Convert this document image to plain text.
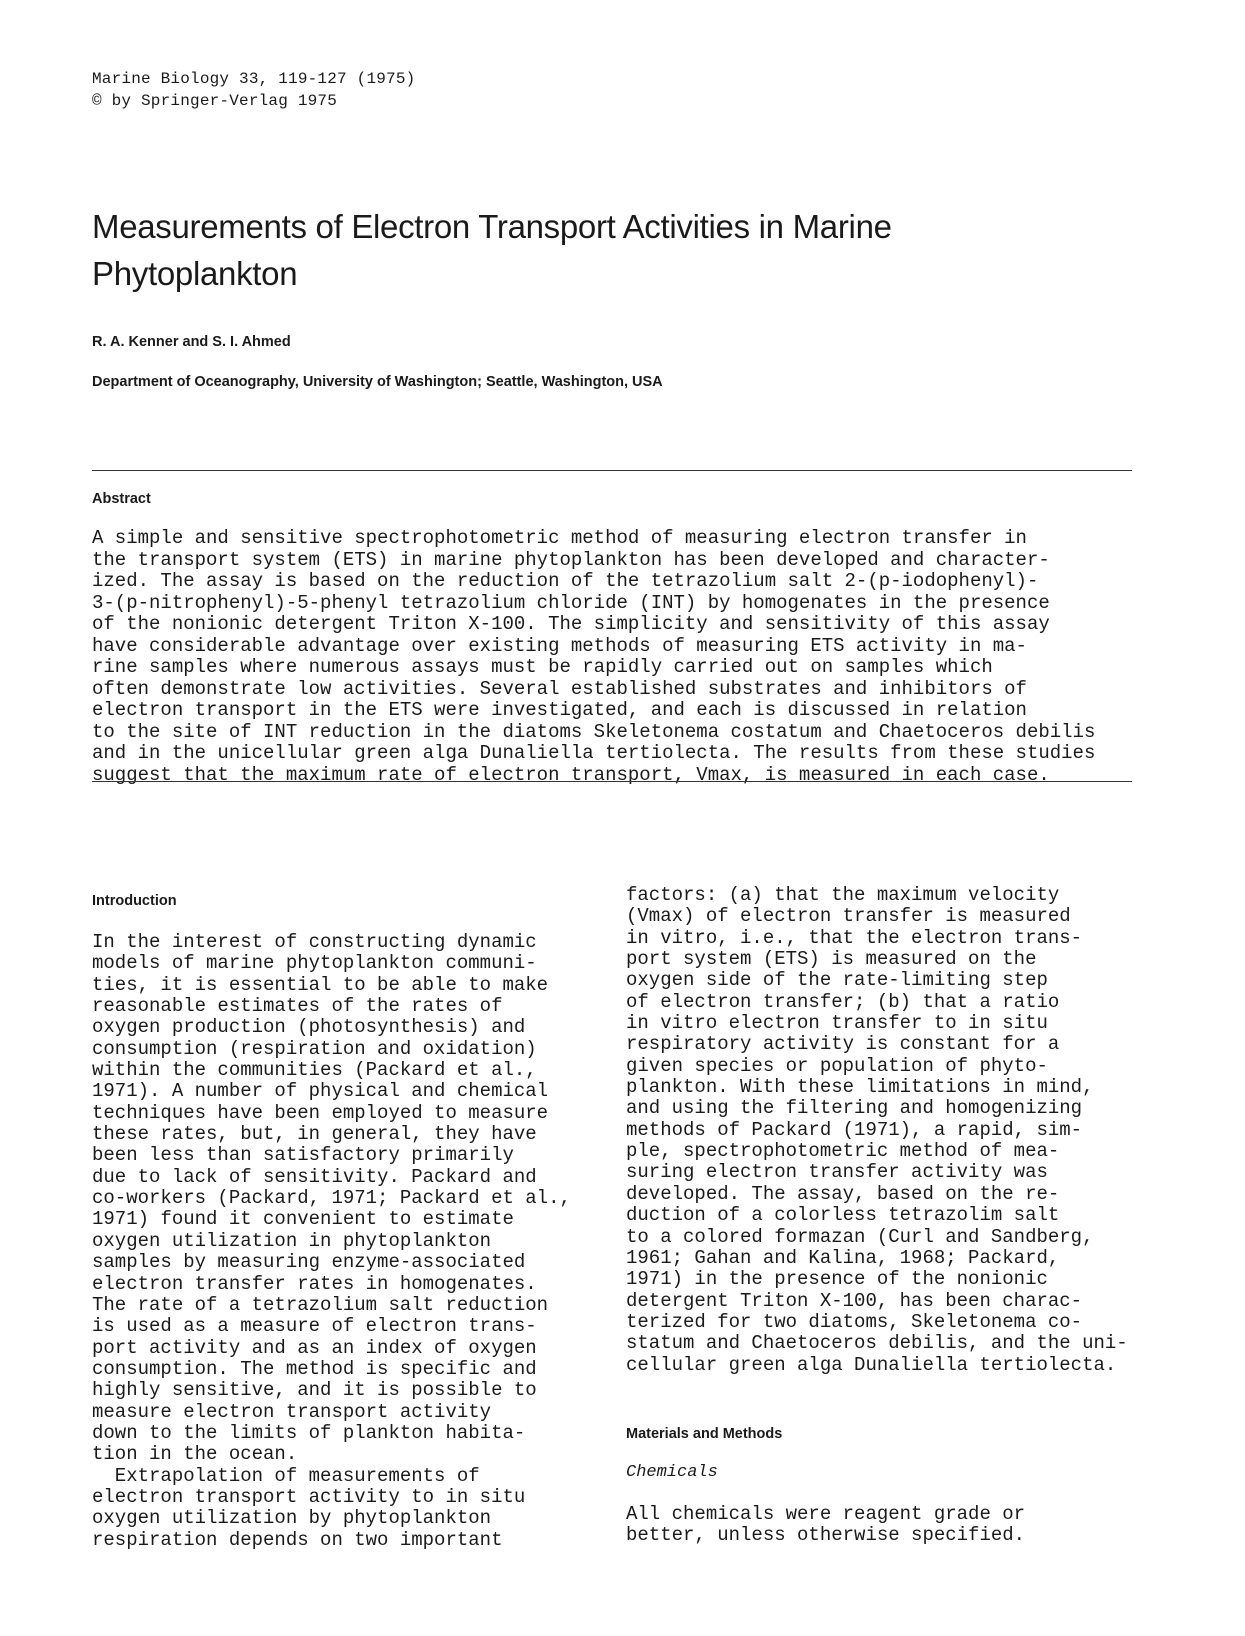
Marine Biology 33, 119-127 (1975)
© by Springer-Verlag 1975
Measurements of Electron Transport Activities in Marine Phytoplankton
R. A. Kenner and S. I. Ahmed
Department of Oceanography, University of Washington; Seattle, Washington, USA
Abstract
A simple and sensitive spectrophotometric method of measuring electron transfer in
the transport system (ETS) in marine phytoplankton has been developed and character-
ized. The assay is based on the reduction of the tetrazolium salt 2-(p-iodophenyl)-
3-(p-nitrophenyl)-5-phenyl tetrazolium chloride (INT) by homogenates in the presence
of the nonionic detergent Triton X-100. The simplicity and sensitivity of this assay
have considerable advantage over existing methods of measuring ETS activity in ma-
rine samples where numerous assays must be rapidly carried out on samples which
often demonstrate low activities. Several established substrates and inhibitors of
electron transport in the ETS were investigated, and each is discussed in relation
to the site of INT reduction in the diatoms Skeletonema costatum and Chaetoceros debilis
and in the unicellular green alga Dunaliella tertiolecta. The results from these studies
suggest that the maximum rate of electron transport, Vmax, is measured in each case.
Introduction
In the interest of constructing dynamic
models of marine phytoplankton communi-
ties, it is essential to be able to make
reasonable estimates of the rates of
oxygen production (photosynthesis) and
consumption (respiration and oxidation)
within the communities (Packard et al.,
1971). A number of physical and chemical
techniques have been employed to measure
these rates, but, in general, they have
been less than satisfactory primarily
due to lack of sensitivity. Packard and
co-workers (Packard, 1971; Packard et al.,
1971) found it convenient to estimate
oxygen utilization in phytoplankton
samples by measuring enzyme-associated
electron transfer rates in homogenates.
The rate of a tetrazolium salt reduction
is used as a measure of electron trans-
port activity and as an index of oxygen
consumption. The method is specific and
highly sensitive, and it is possible to
measure electron transport activity
down to the limits of plankton habita-
tion in the ocean.
Extrapolation of measurements of
electron transport activity to in situ
oxygen utilization by phytoplankton
respiration depends on two important
factors: (a) that the maximum velocity
(Vmax) of electron transfer is measured
in vitro, i.e., that the electron trans-
port system (ETS) is measured on the
oxygen side of the rate-limiting step
of electron transfer; (b) that a ratio
in vitro electron transfer to in situ
respiratory activity is constant for a
given species or population of phyto-
plankton. With these limitations in mind,
and using the filtering and homogenizing
methods of Packard (1971), a rapid, sim-
ple, spectrophotometric method of mea-
suring electron transfer activity was
developed. The assay, based on the re-
duction of a colorless tetrazolim salt
to a colored formazan (Curl and Sandberg,
1961; Gahan and Kalina, 1968; Packard,
1971) in the presence of the nonionic
detergent Triton X-100, has been charac-
terized for two diatoms, Skeletonema co-
statum and Chaetoceros debilis, and the uni-
cellular green alga Dunaliella tertiolecta.
Materials and Methods
Chemicals
All chemicals were reagent grade or
better, unless otherwise specified.
